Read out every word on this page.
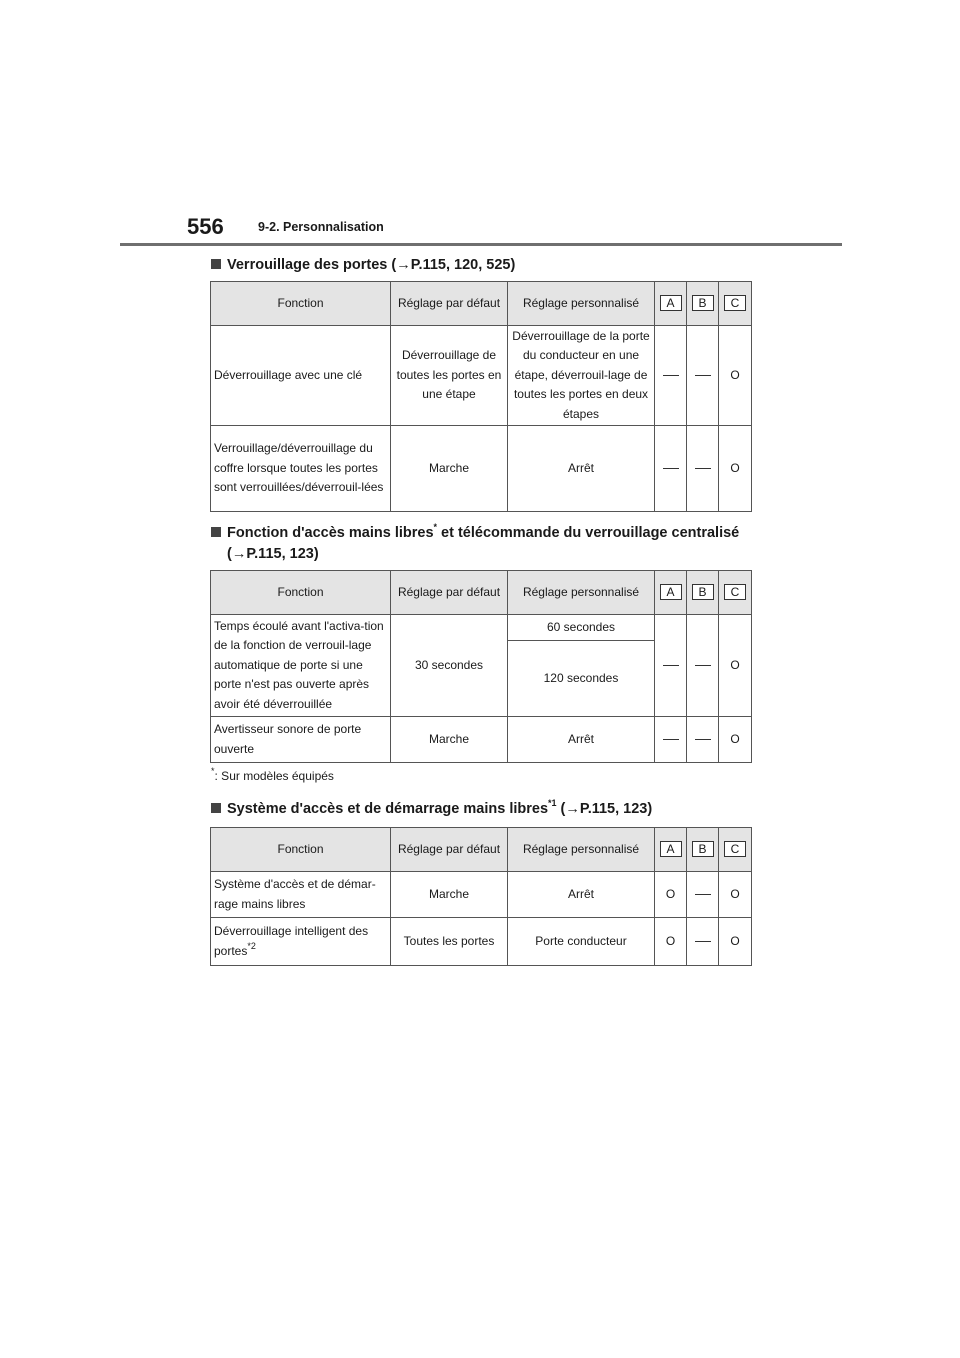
556	9-2. Personnalisation
Verrouillage des portes (→P.115, 120, 525)
Fonction	Réglage par défaut	Réglage personnalisé	A	B	C
Déverrouillage avec une clé	Déverrouillage de toutes les portes en une étape	Déverrouillage de la porte du conducteur en une étape, déverrouil-lage de toutes les portes en deux étapes			O
Verrouillage/déverrouillage du coffre lorsque toutes les portes sont verrouillées/déverrouil-lées	Marche	Arrêt			O
Fonction d'accès mains libres* et télécommande du verrouillage centralisé
(→P.115, 123)
Fonction	Réglage par défaut	Réglage personnalisé	A	B	C
Temps écoulé avant l'activa-tion de la fonction de verrouil-lage automatique de porte si une porte n'est pas ouverte après avoir été déverrouillée	30 secondes	60 secondes			O
		120 secondes			
Avertisseur sonore de porte ouverte	Marche	Arrêt			O
*: Sur modèles équipés
Système d'accès et de démarrage mains libres$^{*1}$ (→P.115, 123)
Fonction	Réglage par défaut	Réglage personnalisé	A	B	C
Système d'accès et de démar-rage mains libres	Marche	Arrêt	O		O
Déverrouillage intelligent des portes$^{*2}$	Toutes les portes	Porte conducteur	O		O
